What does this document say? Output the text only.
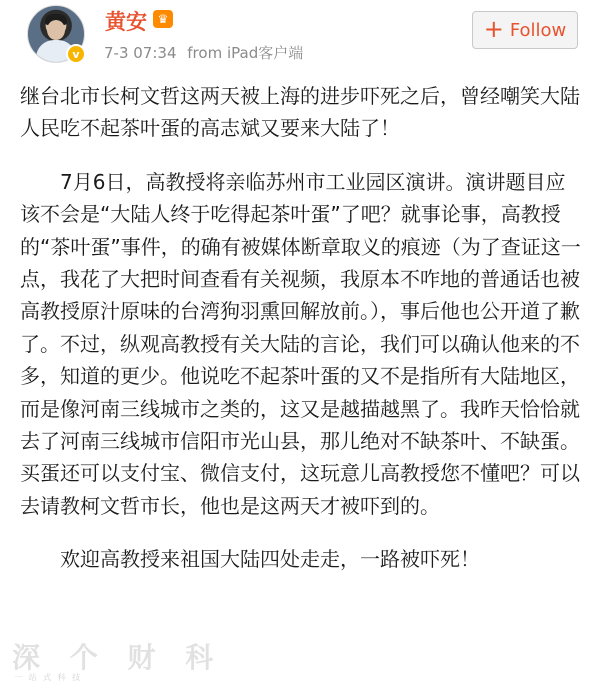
v
黄安 ♛
7-3 07:34 from iPad客户端
+ Follow

继台北市长柯文哲这两天被上海的进步吓死之后，曾经嘲笑大陆人民吃不起茶叶蛋的高志斌又要来大陆了！

7月6日，高教授将亲临苏州市工业园区演讲。演讲题目应该不会是“大陆人终于吃得起茶叶蛋”了吧？就事论事，高教授的“茶叶蛋”事件，的确有被媒体断章取义的痕迹（为了查证这一点，我花了大把时间查看有关视频，我原本不咋地的普通话也被高教授原汁原味的台湾狗羽熏回解放前。），事后他也公开道了歉了。不过，纵观高教授有关大陆的言论，我们可以确认他来的不多，知道的更少。他说吃不起茶叶蛋的又不是指所有大陆地区，而是像河南三线城市之类的，这又是越描越黑了。我昨天恰恰就去了河南三线城市信阳市光山县，那儿绝对不缺茶叶、不缺蛋。买蛋还可以支付宝、微信支付，这玩意儿高教授您不懂吧？可以去请教柯文哲市长，他也是这两天才被吓到的。

欢迎高教授来祖国大陆四处走走，一路被吓死！

深 个 财 科
一 站 式 科 技
